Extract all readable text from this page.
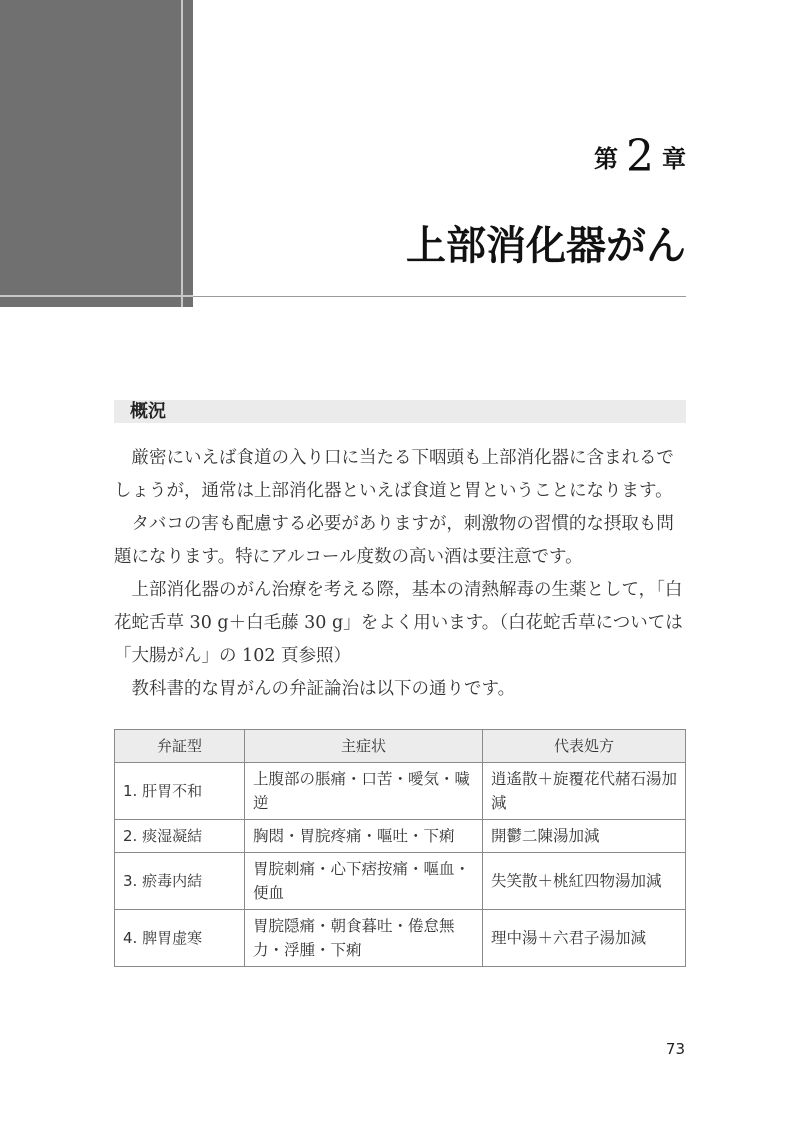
第 2 章
上部消化器がん
概況

厳密にいえば食道の入り口に当たる下咽頭も上部消化器に含まれるでしょうが，通常は上部消化器といえば食道と胃ということになります。

タバコの害も配慮する必要がありますが，刺激物の習慣的な摂取も問題になります。特にアルコール度数の高い酒は要注意です。

上部消化器のがん治療を考える際，基本の清熱解毒の生薬として，「白花蛇舌草 30 g＋白毛藤 30 g」をよく用います。（白花蛇舌草については「大腸がん」の 102 頁参照）

教科書的な胃がんの弁証論治は以下の通りです。

弁証型	主症状	代表処方
1. 肝胃不和	上腹部の脹痛・口苦・噯気・噦逆	逍遙散＋旋覆花代赭石湯加減
2. 痰湿凝結	胸悶・胃脘疼痛・嘔吐・下痢	開鬱二陳湯加減
3. 瘀毒内結	胃脘刺痛・心下痞按痛・嘔血・便血	失笑散＋桃紅四物湯加減
4. 脾胃虚寒	胃脘隠痛・朝食暮吐・倦怠無力・浮腫・下痢	理中湯＋六君子湯加減
73
